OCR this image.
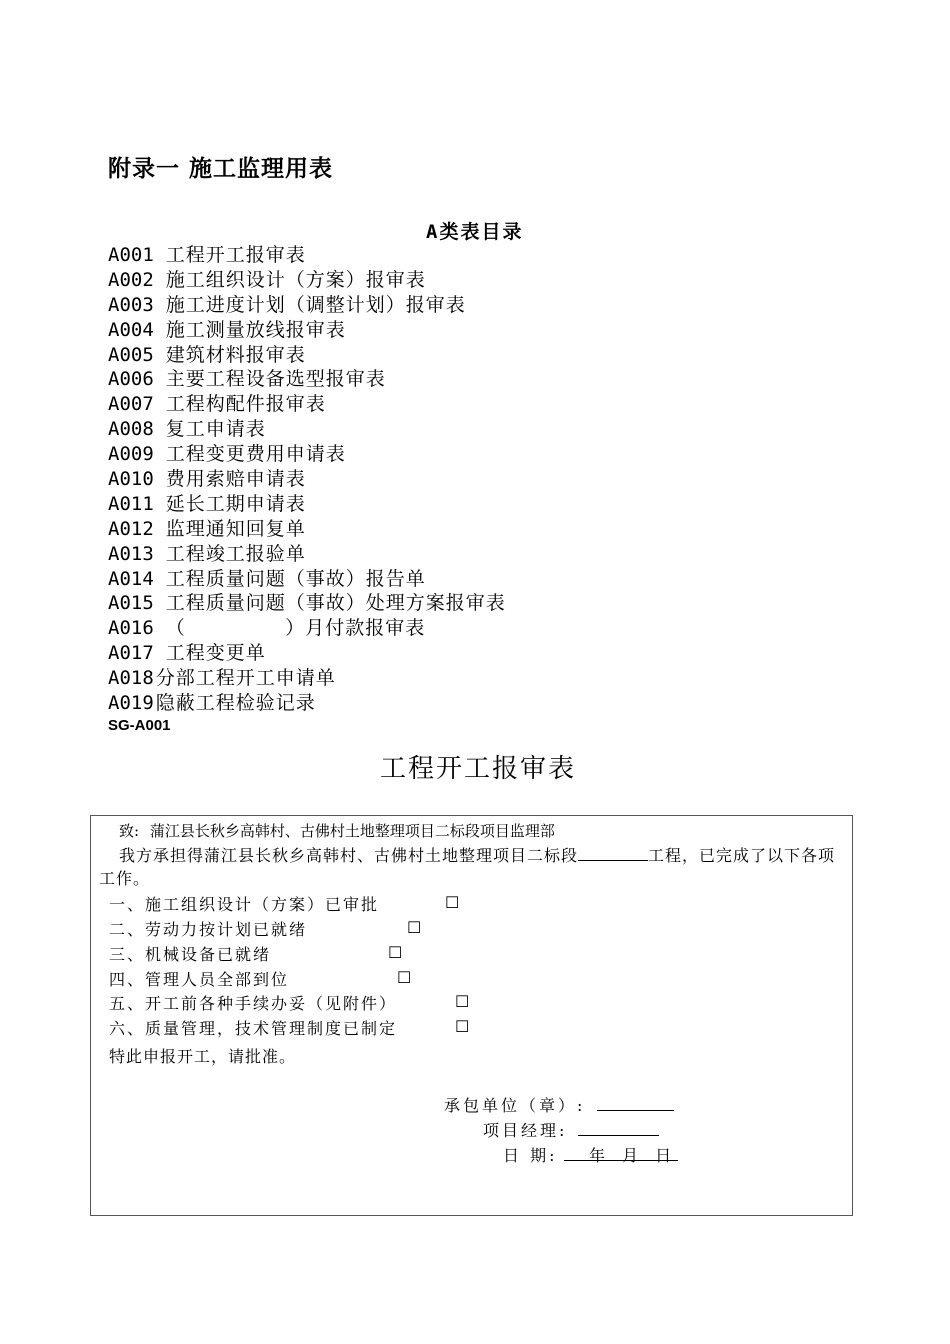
附录一 施工监理用表
A类表目录
A001 工程开工报审表
A002 施工组织设计（方案）报审表
A003 施工进度计划（调整计划）报审表
A004 施工测量放线报审表
A005 建筑材料报审表
A006 主要工程设备选型报审表
A007 工程构配件报审表
A008 复工申请表
A009 工程变更费用申请表
A010 费用索赔申请表
A011 延长工期申请表
A012 监理通知回复单
A013 工程竣工报验单
A014 工程质量问题（事故）报告单
A015 工程质量问题（事故）处理方案报审表
A016 （        ）月付款报审表
A017 工程变更单
A018 分部工程开工申请单
A019 隐蔽工程检验记录
SG-A001
工程开工报审表
致: 蒲江县长秋乡高韩村、古佛村土地整理项目二标段项目监理部
我方承担得蒲江县长秋乡高韩村、古佛村土地整理项目二标段	工程，已完成了以下各项工作。
一、施工组织设计（方案）已审批	☐
二、劳动力按计划已就绪	☐
三、机械设备已就绪	☐
四、管理人员全部到位	☐
五、开工前各种手续办妥（见附件）	☐
六、质量管理，技术管理制度已制定	☐
特此申报开工，请批准。
承包单位（章）:
项目经理:
日 期: 年 月 日
